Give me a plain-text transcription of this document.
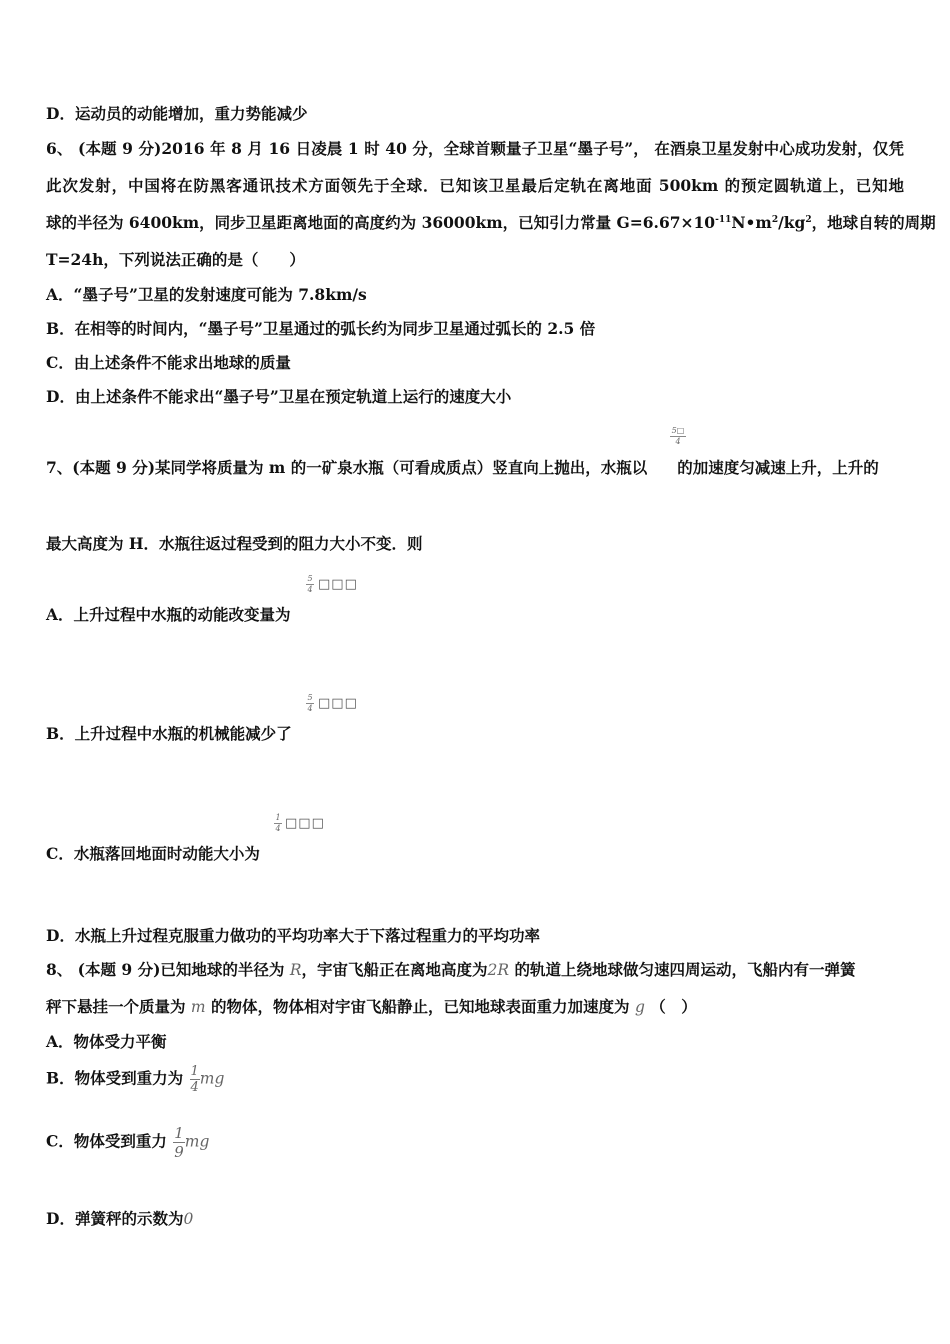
D．运动员的动能增加，重力势能减少
6、 (本题 9 分)2016 年 8 月 16 日凌晨 1 时 40 分，全球首颗量子卫星“墨子号”， 在酒泉卫星发射中心成功发射，仅凭
此次发射，中国将在防黑客通讯技术方面领先于全球．已知该卫星最后定轨在离地面 500km 的预定圆轨道上，已知地
球的半径为 6400km，同步卫星距离地面的高度约为 36000km，已知引力常量 $G=6.67\times 10^{-11}N•m^2/kg^2$，地球自转的周期
T=24h，下列说法正确的是（　　）
A．“墨子号”卫星的发射速度可能为 7.8km/s
B．在相等的时间内，“墨子号”卫星通过的弧长约为同步卫星通过弧长的 2.5 倍
C．由上述条件不能求出地球的质量
D．由上述条件不能求出“墨子号”卫星在预定轨道上运行的速度大小
7、(本题 9 分)某同学将质量为 m 的一矿泉水瓶（可看成质点）竖直向上抛出，水瓶以 的加速度匀减速上升，上升的
$\frac{5□}{4}$
最大高度为 H．水瓶往返过程受到的阻力大小不变．则
$\frac{5}{4}$ □□□
A．上升过程中水瓶的动能改变量为
$\frac{5}{4}$ □□□
B．上升过程中水瓶的机械能减少了
$\frac{1}{4}$ □□□
C．水瓶落回地面时动能大小为
D．水瓶上升过程克服重力做功的平均功率大于下落过程重力的平均功率
8、 (本题 9 分)已知地球的半径为 R，宇宙飞船正在离地高度为2R 的轨道上绕地球做匀速四周运动，飞船内有一弹簧
秤下悬挂一个质量为 m 的物体，物体相对宇宙飞船静止，已知地球表面重力加速度为 g （　）
A．物体受力平衡
B．物体受到重力为 $\frac{1}{4}$ mg
C．物体受到重力 $\frac{1}{9}$ mg
D．弹簧秤的示数为0
